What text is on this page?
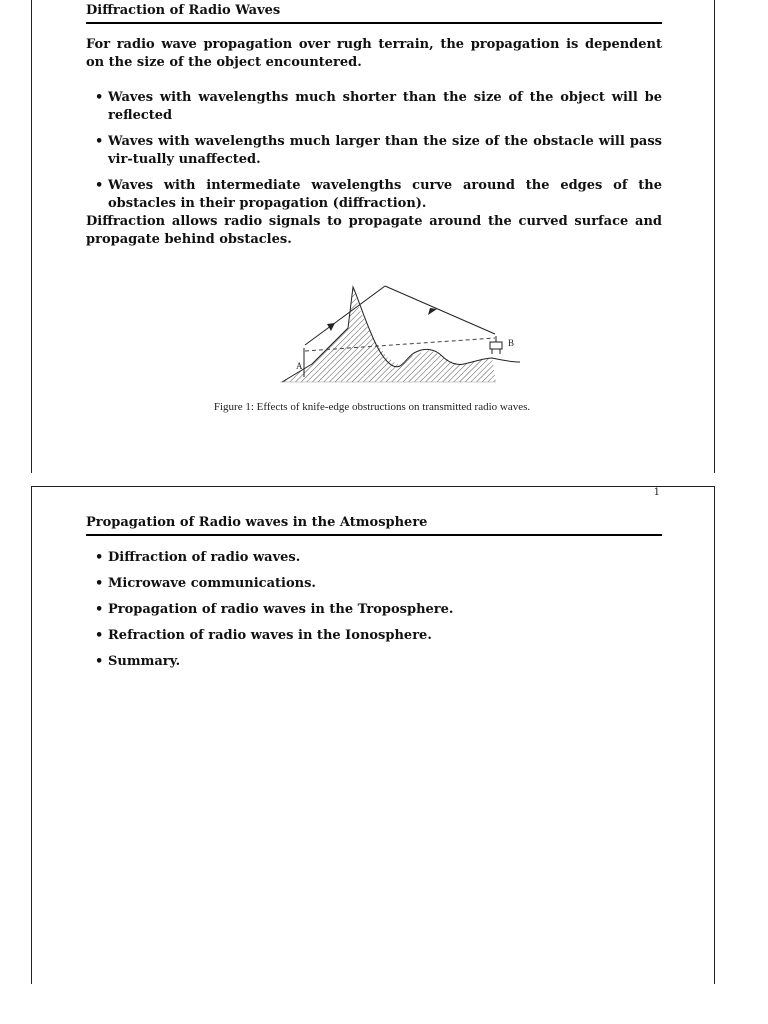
Diffraction of Radio Waves

For radio wave propagation over rugh terrain, the propagation is dependent on the size of the object encountered.

• Waves with wavelengths much shorter than the size of the object will be reflected
• Waves with wavelengths much larger than the size of the obstacle will pass vir-tually unaffected.
• Waves with intermediate wavelengths curve around the edges of the obstacles in their propagation (diffraction).

Diffraction allows radio signals to propagate around the curved surface and propagate behind obstacles.

A
B
Figure 1: Effects of knife-edge obstructions on transmitted radio waves.
1
Propagation of Radio waves in the Atmosphere
• Diffraction of radio waves.
• Microwave communications.
• Propagation of radio waves in the Troposphere.
• Refraction of radio waves in the Ionosphere.
• Summary.
